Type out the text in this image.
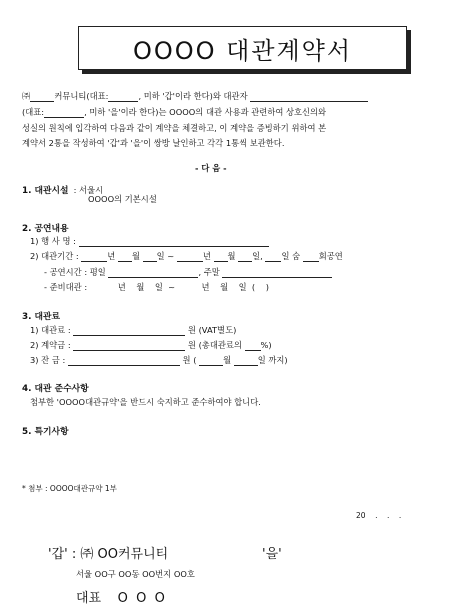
OOOO 대관계약서
㈜	커뮤니티(대표:	, 미하 '갑'이라 한다)와 대관자
(대표:	, 미하 '을'이라 한다)는 OOOO의 대관 사용과 관련하여 상호신의와
성실의 원칙에 입각하여 다음과 같이 계약을 체결하고, 이 계약을 증빙하기 위하여 본
계약서 2통을 작성하여 '갑'과 '을'이 쌍방 날인하고 각각 1통씩 보관한다.
- 다 음 -
1. 대관시설 : 서울시
OOOO의 기본시설
2. 공연내용
1) 행 사 명 :
2) 대관기간 :	년 월 일 ~	년 월 일, 일 숨 회공연
- 공연시간 : 평일	, 주말
- 준비대관 :	년    월    일  ~          년    월    일  (    )
3. 대관료
1) 대관료 :	원 (VAT별도)
2) 계약금 :	원 (총대관료의 %)
3) 잔 금 :	원 (	월	일 까지)
4. 대관 준수사항
첨부한 'OOOO대관규약'을 반드시 숙지하고 준수하여야 합니다.
5. 특기사항
* 첨부 : OOOO대관규약 1부
20    .    .    .
'갑' : ㈜ OO커뮤니티	'을'
서울 OO구 OO동 OO번지 OO호
대표    O  O  O
